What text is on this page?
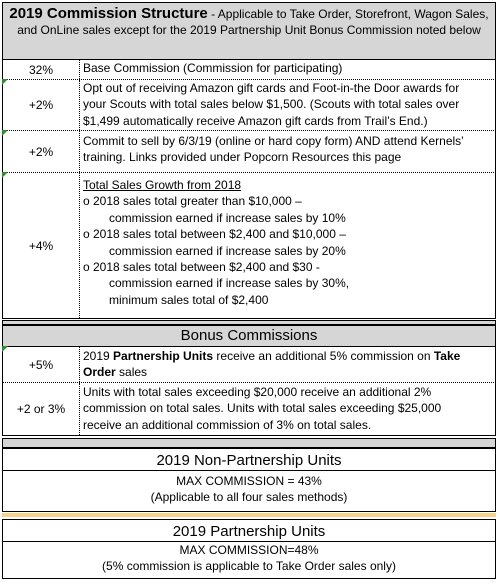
2019 Commission Structure - Applicable to Take Order, Storefront, Wagon Sales, and OnLine sales except for the 2019 Partnership Unit Bonus Commission noted below
32%	Base Commission (Commission for participating)
+2%
Opt out of receiving Amazon gift cards and Foot-in-the Door awards for
your Scouts with total sales below $1,500. (Scouts with total sales over
$1,499 automatically receive Amazon gift cards from Trail’s End.)
+2%
Commit to sell by 6/3/19 (online or hard copy form) AND attend Kernels’
training. Links provided under Popcorn Resources this page
+4%
Total Sales Growth from 2018
o 2018 sales total greater than $10,000 –
commission earned if increase sales by 10%
o 2018 sales total between $2,400 and $10,000 –
commission earned if increase sales by 20%
o 2018 sales total between $2,400 and $30 -
commission earned if increase sales by 30%,
minimum sales total of $2,400
Bonus Commissions
+5%
2019 Partnership Units receive an additional 5% commission on Take Order sales
+2 or 3%
Units with total sales exceeding $20,000 receive an additional 2%
commission on total sales. Units with total sales exceeding $25,000
receive an additional commission of 3% on total sales.
2019 Non-Partnership Units
MAX COMMISSION = 43%
(Applicable to all four sales methods)
2019 Partnership Units
MAX COMMISSION=48%
(5% commission is applicable to Take Order sales only)
